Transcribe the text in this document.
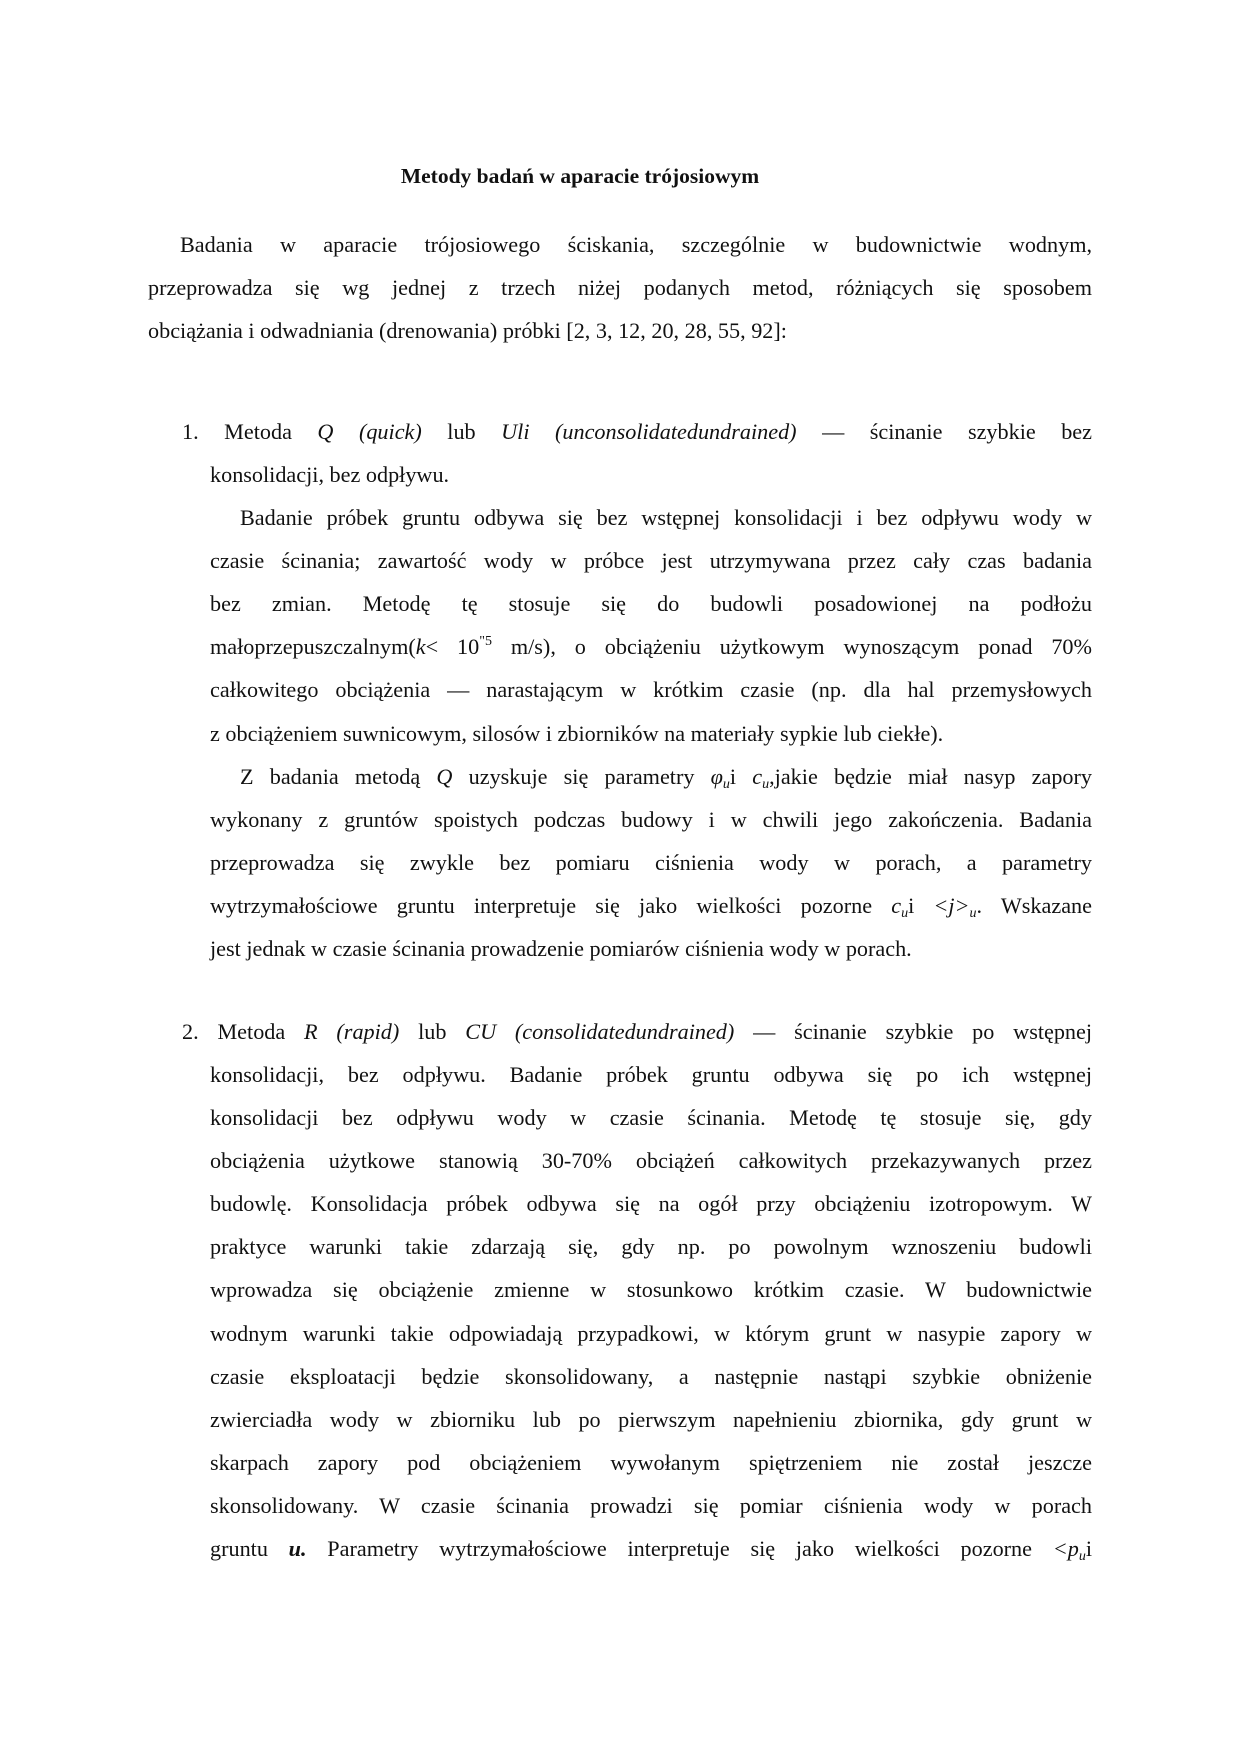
Metody badań w aparacie trójosiowym
Badania w aparacie trójosiowego ściskania, szczególnie w budownictwie wodnym,
przeprowadza się wg jednej z trzech niżej podanych metod, różniących się sposobem
obciążania i odwadniania (drenowania) próbki [2, 3, 12, 20, 28, 55, 92]:
1. Metoda Q (quick) lub Uli (unconsolidatedundrained) — ścinanie szybkie bez
konsolidacji, bez odpływu.
Badanie próbek gruntu odbywa się bez wstępnej konsolidacji i bez odpływu wody w
czasie ścinania; zawartość wody w próbce jest utrzymywana przez cały czas badania
bez zmian. Metodę tę stosuje się do budowli posadowionej na podłożu
małoprzepuszczalnym(k< $10^{"5}$ m/s), o obciążeniu użytkowym wynoszącym ponad 70%
całkowitego obciążenia — narastającym w krótkim czasie (np. dla hal przemysłowych
z obciążeniem suwnicowym, silosów i zbiorników na materiały sypkie lub ciekłe).
Z badania metodą Q uzyskuje się parametry $\varphi_ui$ $c_u,jakie$ będzie miał nasyp zapory
wykonany z gruntów spoistych podczas budowy i w chwili jego zakończenia. Badania
przeprowadza się zwykle bez pomiaru ciśnienia wody w porach, a parametry
wytrzymałościowe gruntu interpretuje się jako wielkości pozorne $c_ui <j>_u$. Wskazane
jest jednak w czasie ścinania prowadzenie pomiarów ciśnienia wody w porach.
2. Metoda R (rapid) lub CU (consolidatedundrained) — ścinanie szybkie po wstępnej
konsolidacji, bez odpływu. Badanie próbek gruntu odbywa się po ich wstępnej
konsolidacji bez odpływu wody w czasie ścinania. Metodę tę stosuje się, gdy
obciążenia użytkowe stanowią 30-70% obciążeń całkowitych przekazywanych przez
budowlę. Konsolidacja próbek odbywa się na ogół przy obciążeniu izotropowym. W
praktyce warunki takie zdarzają się, gdy np. po powolnym wznoszeniu budowli
wprowadza się obciążenie zmienne w stosunkowo krótkim czasie. W budownictwie
wodnym warunki takie odpowiadają przypadkowi, w którym grunt w nasypie zapory w
czasie eksploatacji będzie skonsolidowany, a następnie nastąpi szybkie obniżenie
zwierciadła wody w zbiorniku lub po pierwszym napełnieniu zbiornika, gdy grunt w
skarpach zapory pod obciążeniem wywołanym spiętrzeniem nie został jeszcze
skonsolidowany. W czasie ścinania prowadzi się pomiar ciśnienia wody w porach
gruntu u. Parametry wytrzymałościowe interpretuje się jako wielkości pozorne $<p_ui$
